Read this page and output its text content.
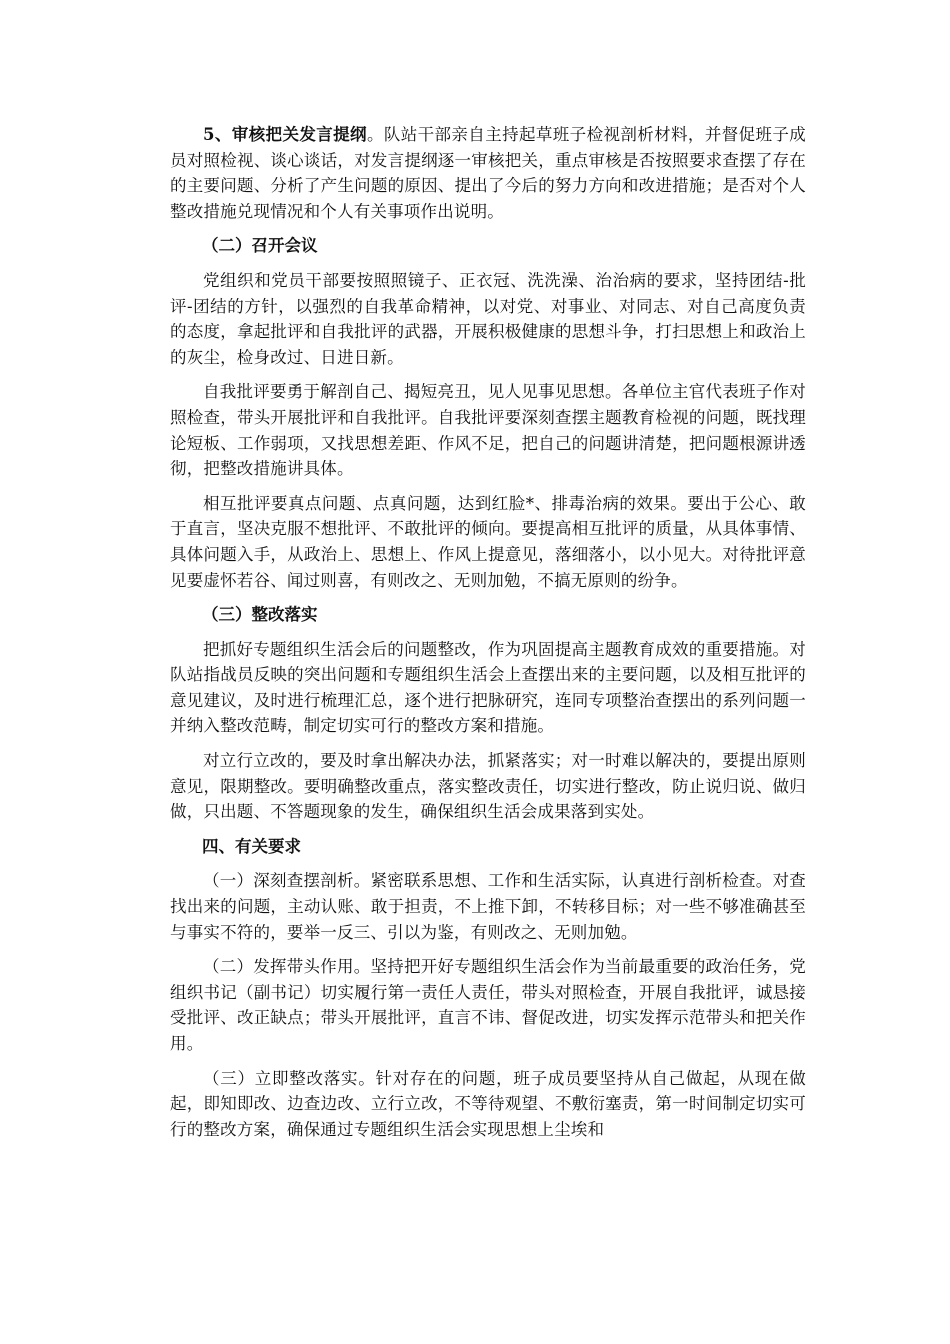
5、审核把关发言提纲。队站干部亲自主持起草班子检视剖析材料，并督促班子成员对照检视、谈心谈话，对发言提纲逐一审核把关，重点审核是否按照要求查摆了存在的主要问题、分析了产生问题的原因、提出了今后的努力方向和改进措施；是否对个人整改措施兑现情况和个人有关事项作出说明。

（二）召开会议

党组织和党员干部要按照照镜子、正衣冠、洗洗澡、治治病的要求，坚持团结-批评-团结的方针，以强烈的自我革命精神，以对党、对事业、对同志、对自己高度负责的态度，拿起批评和自我批评的武器，开展积极健康的思想斗争，打扫思想上和政治上的灰尘，检身改过、日进日新。

自我批评要勇于解剖自己、揭短亮丑，见人见事见思想。各单位主官代表班子作对照检查，带头开展批评和自我批评。自我批评要深刻查摆主题教育检视的问题，既找理论短板、工作弱项，又找思想差距、作风不足，把自己的问题讲清楚，把问题根源讲透彻，把整改措施讲具体。

相互批评要真点问题、点真问题，达到红脸*、排毒治病的效果。要出于公心、敢于直言，坚决克服不想批评、不敢批评的倾向。要提高相互批评的质量，从具体事情、具体问题入手，从政治上、思想上、作风上提意见，落细落小，以小见大。对待批评意见要虚怀若谷、闻过则喜，有则改之、无则加勉，不搞无原则的纷争。

（三）整改落实

把抓好专题组织生活会后的问题整改，作为巩固提高主题教育成效的重要措施。对队站指战员反映的突出问题和专题组织生活会上查摆出来的主要问题，以及相互批评的意见建议，及时进行梳理汇总，逐个进行把脉研究，连同专项整治查摆出的系列问题一并纳入整改范畴，制定切实可行的整改方案和措施。

对立行立改的，要及时拿出解决办法，抓紧落实；对一时难以解决的，要提出原则意见，限期整改。要明确整改重点，落实整改责任，切实进行整改，防止说归说、做归做，只出题、不答题现象的发生，确保组织生活会成果落到实处。

四、有关要求

（一）深刻查摆剖析。紧密联系思想、工作和生活实际，认真进行剖析检查。对查找出来的问题，主动认账、敢于担责，不上推下卸，不转移目标；对一些不够准确甚至与事实不符的，要举一反三、引以为鉴，有则改之、无则加勉。

（二）发挥带头作用。坚持把开好专题组织生活会作为当前最重要的政治任务，党组织书记（副书记）切实履行第一责任人责任，带头对照检查，开展自我批评，诚恳接受批评、改正缺点；带头开展批评，直言不讳、督促改进，切实发挥示范带头和把关作用。

（三）立即整改落实。针对存在的问题，班子成员要坚持从自己做起，从现在做起，即知即改、边查边改、立行立改，不等待观望、不敷衍塞责，第一时间制定切实可行的整改方案，确保通过专题组织生活会实现思想上尘埃和
